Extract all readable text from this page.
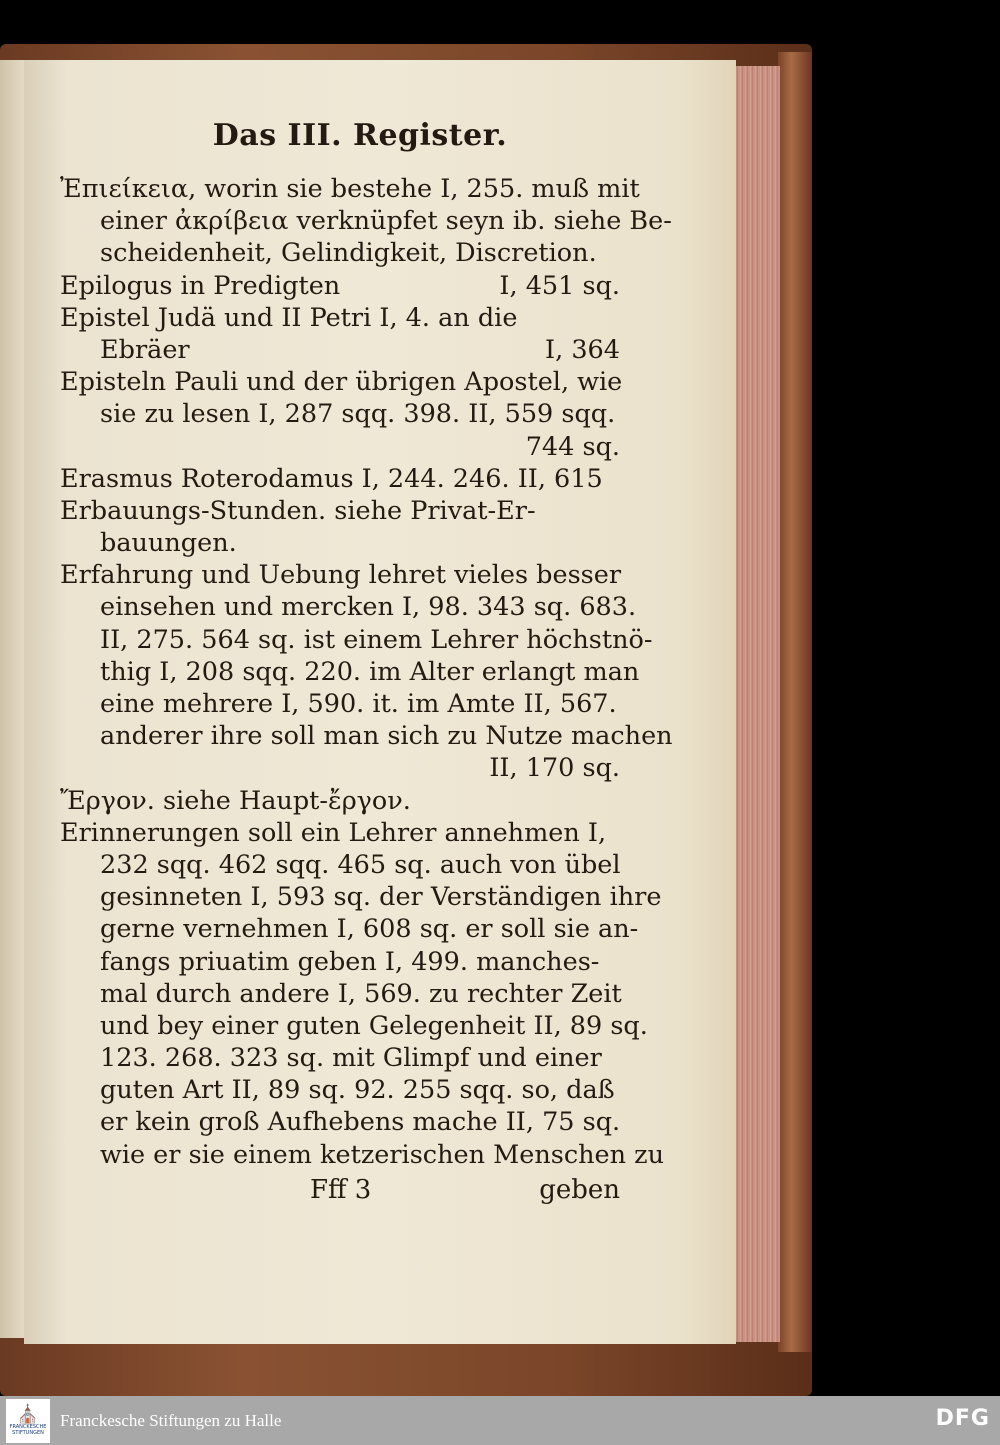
Das III. Register.
Ἐπιείκεια, worin sie bestehe I, 255. muß mit
einer ἀκρίβεια verknüpfet seyn ib. siehe Be-
scheidenheit, Gelindigkeit, Discretion.
Epilogus in Predigten	I, 451 sq.
Epistel Judä und II Petri I, 4. an die
Ebräer	I, 364
Episteln Pauli und der übrigen Apostel, wie
sie zu lesen I, 287 sqq. 398. II, 559 sqq.
744 sq.
Erasmus Roterodamus I, 244. 246. II, 615
Erbauungs-Stunden. siehe Privat-Er-
bauungen.
Erfahrung und Uebung lehret vieles besser
einsehen und mercken I, 98. 343 sq. 683.
II, 275. 564 sq. ist einem Lehrer höchstnö-
thig I, 208 sqq. 220. im Alter erlangt man
eine mehrere I, 590. it. im Amte II, 567.
anderer ihre soll man sich zu Nutze machen
II, 170 sq.
Ἔργον. siehe Haupt-ἔργον.
Erinnerungen soll ein Lehrer annehmen I,
232 sqq. 462 sqq. 465 sq. auch von übel
gesinneten I, 593 sq. der Verständigen ihre
gerne vernehmen I, 608 sq. er soll sie an-
fangs priuatim geben I, 499. manches-
mal durch andere I, 569. zu rechter Zeit
und bey einer guten Gelegenheit II, 89 sq.
123. 268. 323 sq. mit Glimpf und einer
guten Art II, 89 sq. 92. 255 sqq. so, daß
er kein groß Aufhebens mache II, 75 sq.
wie er sie einem ketzerischen Menschen zu
Fff 3	geben
⛪
FRANCKESCHE STIFTUNGEN
Franckesche Stiftungen zu Halle	DFG
